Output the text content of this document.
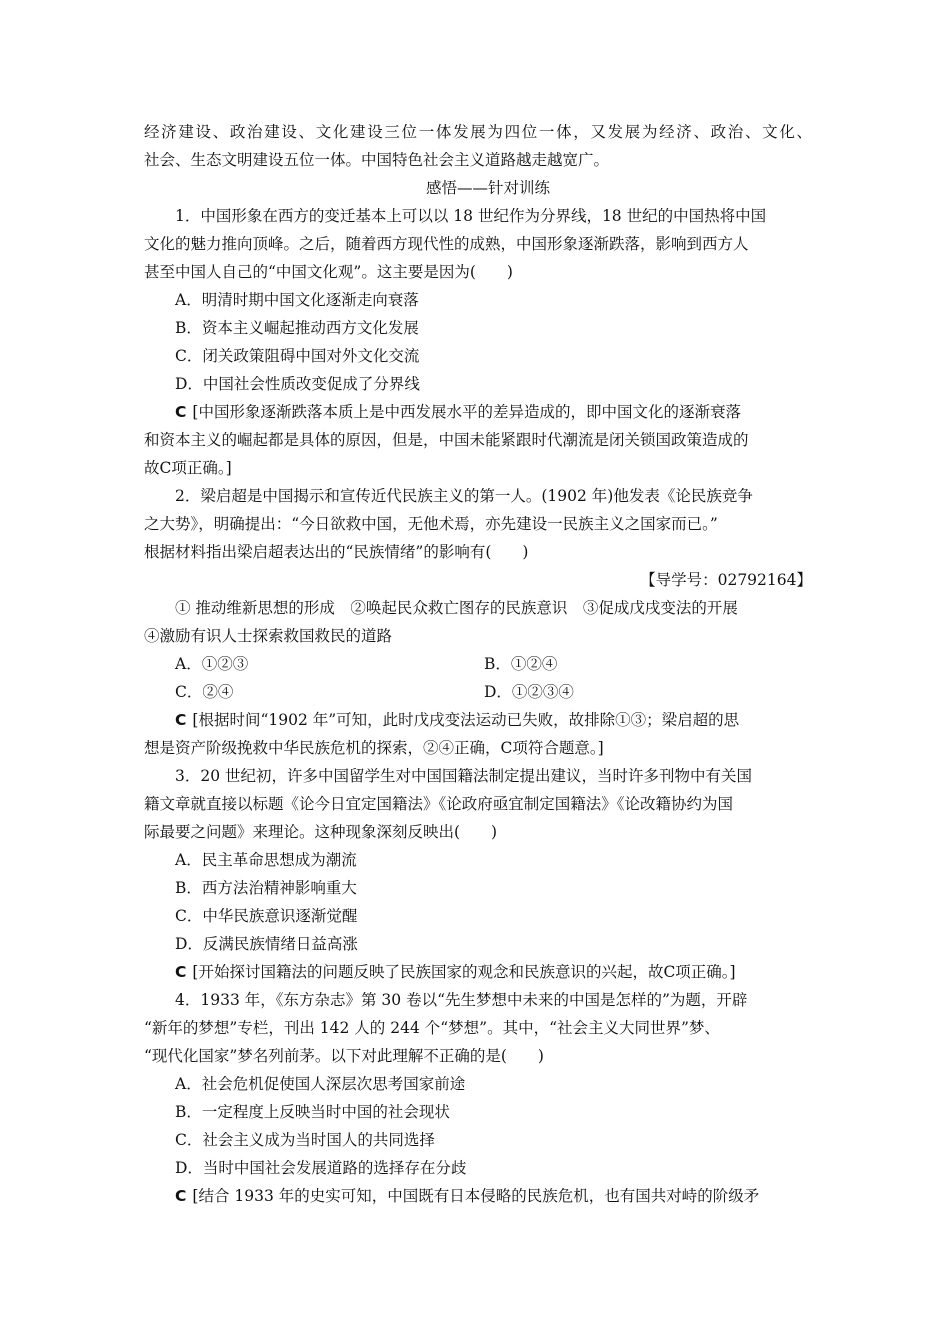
经济建设、政治建设、文化建设三位一体发展为四位一体，又发展为经济、政治、文化、
社会、生态文明建设五位一体。中国特色社会主义道路越走越宽广。
感悟——针对训练
1．中国形象在西方的变迁基本上可以以 18 世纪作为分界线，18 世纪的中国热将中国
文化的魅力推向顶峰。之后，随着西方现代性的成熟，中国形象逐渐跌落，影响到西方人
甚至中国人自己的“中国文化观”。这主要是因为(　　)
A．明清时期中国文化逐渐走向衰落
B．资本主义崛起推动西方文化发展
C．闭关政策阻碍中国对外文化交流
D．中国社会性质改变促成了分界线
C [中国形象逐渐跌落本质上是中西发展水平的差异造成的，即中国文化的逐渐衰落
和资本主义的崛起都是具体的原因，但是，中国未能紧跟时代潮流是闭关锁国政策造成的
故C项正确。]
2．梁启超是中国揭示和宣传近代民族主义的第一人。(1902 年)他发表《论民族竞争
之大势》，明确提出：“今日欲救中国，无他术焉，亦先建设一民族主义之国家而已。”
根据材料指出梁启超表达出的“民族情绪”的影响有(　　)
【导学号：02792164】
① 推动维新思想的形成　②唤起民众救亡图存的民族意识　③促成戊戌变法的开展
④激励有识人士探索救国救民的道路
A．①②③	B．①②④
C．②④	D．①②③④
C [根据时间“1902 年”可知，此时戊戌变法运动已失败，故排除①③；梁启超的思
想是资产阶级挽救中华民族危机的探索，②④正确，C项符合题意。]
3．20 世纪初，许多中国留学生对中国国籍法制定提出建议，当时许多刊物中有关国
籍文章就直接以标题《论今日宜定国籍法》《论政府亟宜制定国籍法》《论改籍协约为国
际最要之问题》来理论。这种现象深刻反映出(　　)
A．民主革命思想成为潮流
B．西方法治精神影响重大
C．中华民族意识逐渐觉醒
D．反满民族情绪日益高涨
C [开始探讨国籍法的问题反映了民族国家的观念和民族意识的兴起，故C项正确。]
4．1933 年，《东方杂志》第 30 卷以“先生梦想中未来的中国是怎样的”为题，开辟
“新年的梦想”专栏，刊出 142 人的 244 个“梦想”。其中，“社会主义大同世界”梦、
“现代化国家”梦名列前茅。以下对此理解不正确的是(　　)
A．社会危机促使国人深层次思考国家前途
B．一定程度上反映当时中国的社会现状
C．社会主义成为当时国人的共同选择
D．当时中国社会发展道路的选择存在分歧
C [结合 1933 年的史实可知，中国既有日本侵略的民族危机，也有国共对峙的阶级矛
